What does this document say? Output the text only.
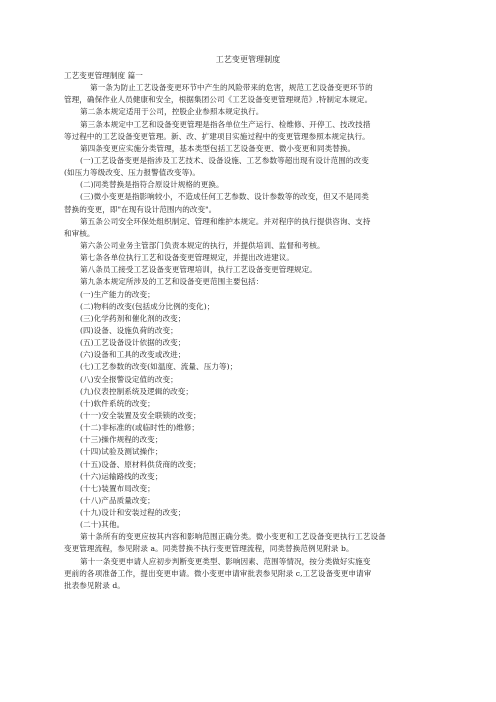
工艺变更管理制度
工艺变更管理制度 篇一
第一条为防止工艺设备变更环节中产生的风险带来的危害，规范工艺设备变更环节的
管理，确保作业人员健康和安全，根据集团公司《工艺设备变更管理规范》,特制定本规定。
第二条本规定适用于公司，控股企业参照本规定执行。
第三条本规定中工艺和设备变更管理是指各单位生产运行、检维修、开停工、技改技措
等过程中的工艺设备变更管理。新、改、扩建项目实施过程中的变更管理参照本规定执行。
第四条变更应实施分类管理，基本类型包括工艺设备变更、微小变更和同类替换。
(一)工艺设备变更是指涉及工艺技术、设备设施、工艺参数等超出现有设计范围的改变
(如压力等级改变、压力报警值改变等)。
(二)同类替换是指符合原设计规格的更换。
(三)微小变更是指影响较小，不造成任何工艺参数、设计参数等的改变，但又不是同类
替换的变更，即"在现有设计范围内的改变"。
第五条公司安全环保处组织制定、管理和维护本规定。并对程序的执行提供咨询、支持
和审核。
第六条公司业务主管部门负责本规定的执行，并提供培训、监督和考核。
第七条各单位执行工艺和设备变更管理规定，并提出改进建议。
第八条员工接受工艺设备变更管理培训，执行工艺设备变更管理规定。
第九条本规定所涉及的工艺和设备变更范围主要包括：
(一)生产能力的改变；
(二)物料的改变(包括成分比例的变化)；
(三)化学药剂和催化剂的改变；
(四)设备、设施负荷的改变；
(五)工艺设备设计依据的改变；
(六)设备和工具的改变或改进；
(七)工艺参数的改变(如温度、流量、压力等)；
(八)安全报警设定值的改变；
(九)仪表控制系统及逻辑的改变；
(十)软件系统的改变；
(十一)安全装置及安全联锁的改变；
(十二)非标准的(或临时性的)维修；
(十三)操作规程的改变；
(十四)试验及测试操作；
(十五)设备、原材料供货商的改变；
(十六)运输路线的改变；
(十七)装置布局改变；
(十八)产品质量改变；
(十九)设计和安装过程的改变；
(二十)其他。
第十条所有的变更应按其内容和影响范围正确分类。微小变更和工艺设备变更执行工艺设备
变更管理流程，参见附录 a。同类替换不执行变更管理流程，同类替换范例见附录 b。
第十一条变更申请人应初步判断变更类型、影响因素、范围等情况，按分类做好实施变
更前的各项准备工作，提出变更申请。微小变更申请审批表参见附录 c,工艺设备变更申请审
批表参见附录 d。
